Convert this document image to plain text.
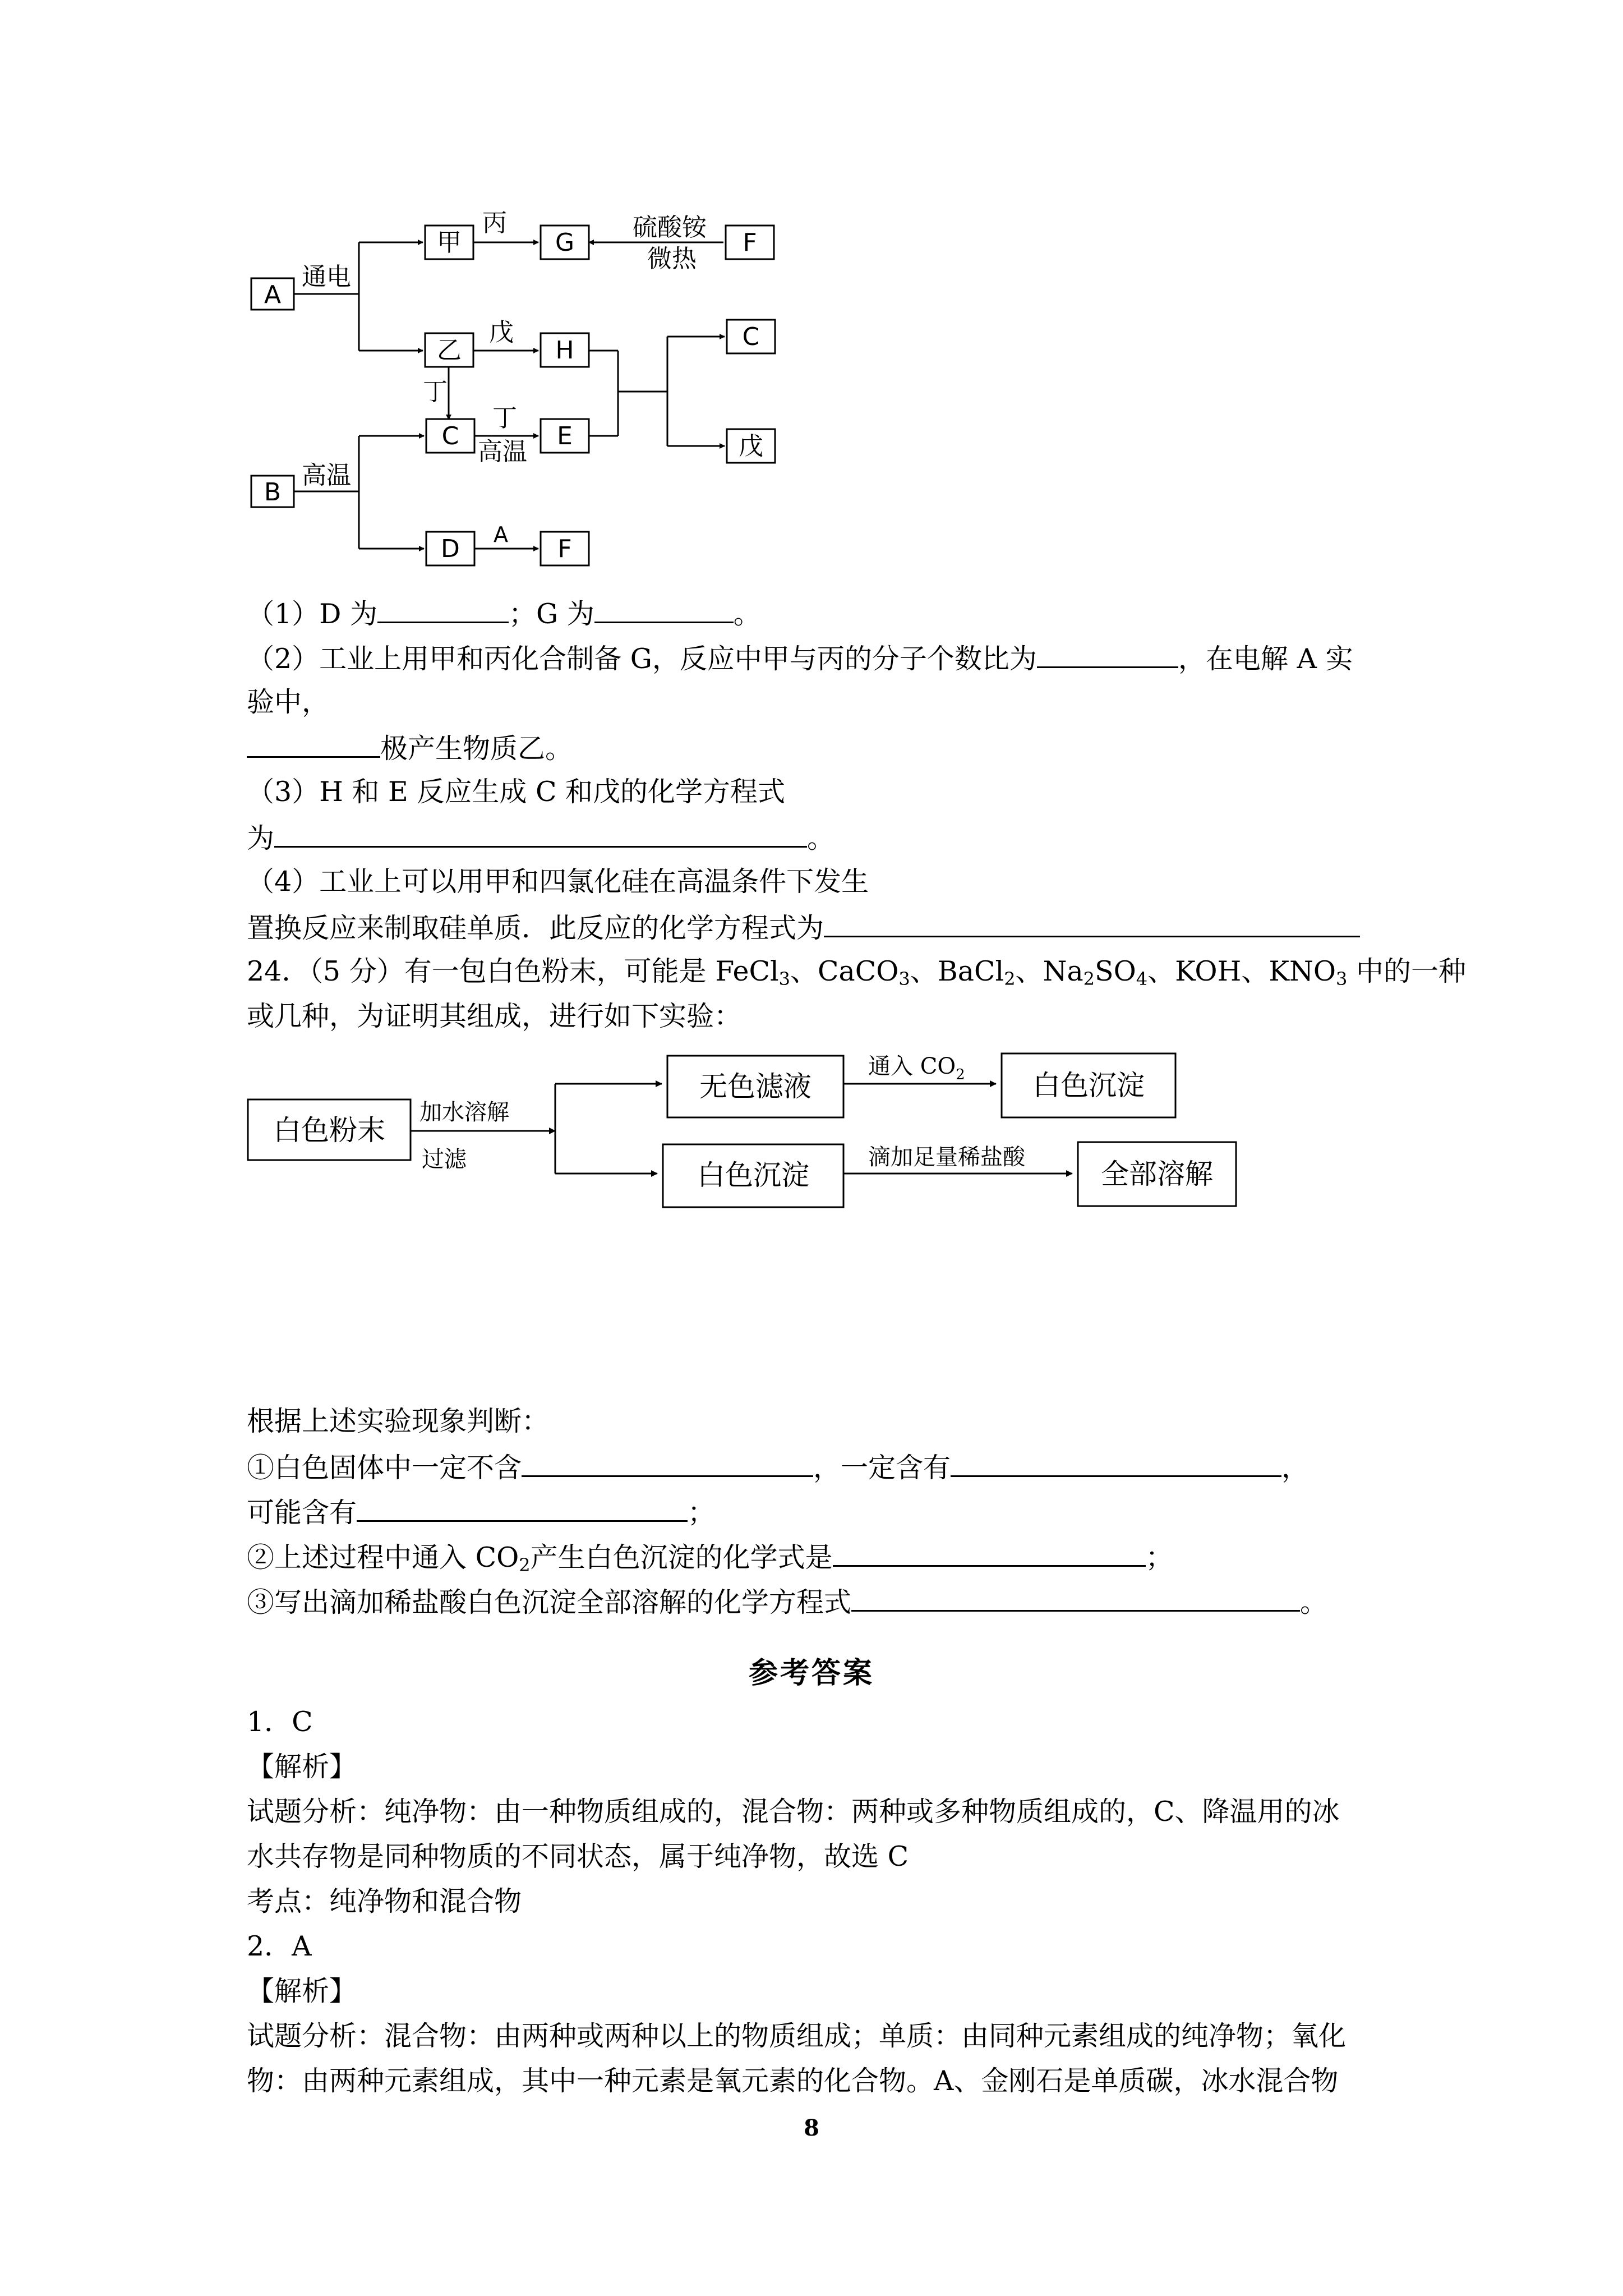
A
甲	G	F
乙	H	C
C	E	戊
B
D	F
通电
丙	硫酸铵
微热
戊
丁
丁
高温
高温
A

（1）D 为	；G 为	。

（2）工业上用甲和丙化合制备 G，反应中甲与丙的分子个数比为	，在电解 A 实

验中，

极产生物质乙。

（3）H 和 E 反应生成 C 和戊的化学方程式

为	。

（4）工业上可以用甲和四氯化硅在高温条件下发生

置换反应来制取硅单质．此反应的化学方程式为

24．（5 分）有一包白色粉末，可能是 FeCl$_3$、CaCO$_3$、BaCl$_2$、$Na_2SO_4$、KOH、$KNO_3$ 中的一种

或几种，为证明其组成，进行如下实验：

白色粉末
加水溶解
过滤
无色滤液
通入 $CO_2$ 白色沉淀
白色沉淀
滴加足量稀盐酸
全部溶解

根据上述实验现象判断：

①白色固体中一定不含	，一定含有	，

可能含有	；

②上述过程中通入 $CO_2$产生白色沉淀的化学式是	；

③写出滴加稀盐酸白色沉淀全部溶解的化学方程式	。

参考答案

1．C

【解析】

试题分析：纯净物：由一种物质组成的，混合物：两种或多种物质组成的，C、降温用的冰

水共存物是同种物质的不同状态，属于纯净物，故选 C

考点：纯净物和混合物

2．A

【解析】

试题分析：混合物：由两种或两种以上的物质组成；单质：由同种元素组成的纯净物；氧化

物：由两种元素组成，其中一种元素是氧元素的化合物。A、金刚石是单质碳，冰水混合物

8
